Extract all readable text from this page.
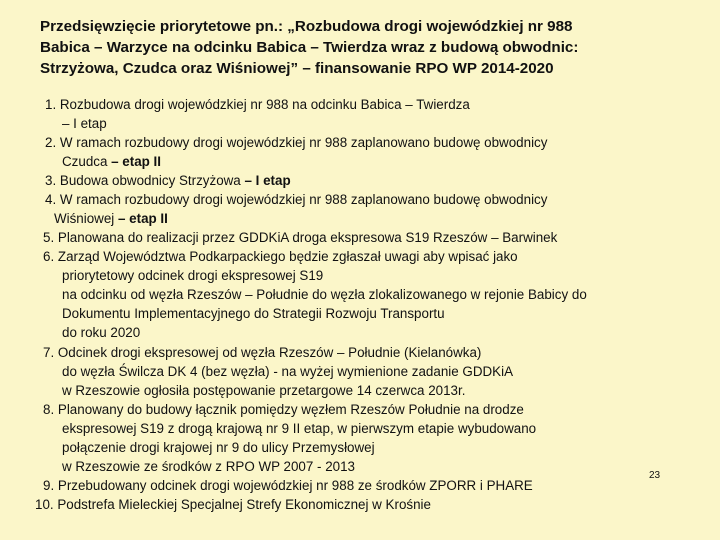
Przedsięwzięcie priorytetowe pn.: „Rozbudowa drogi wojewódzkiej nr 988
Babica – Warzyce na odcinku Babica – Twierdza wraz z budową obwodnic:
Strzyżowa, Czudca oraz Wiśniowej” – finansowanie RPO WP 2014-2020
1. Rozbudowa drogi wojewódzkiej nr 988 na odcinku Babica – Twierdza
– I etap
2. W ramach rozbudowy drogi wojewódzkiej nr 988 zaplanowano budowę obwodnicy
Czudca – etap II
3. Budowa obwodnicy Strzyżowa – I etap
4. W ramach rozbudowy drogi wojewódzkiej nr 988 zaplanowano budowę obwodnicy
Wiśniowej – etap II
5. Planowana do realizacji przez GDDKiA droga ekspresowa S19 Rzeszów – Barwinek
6. Zarząd Województwa Podkarpackiego będzie zgłaszał uwagi aby wpisać jako
priorytetowy odcinek drogi ekspresowej S19
na odcinku od węzła Rzeszów – Południe do węzła zlokalizowanego w rejonie Babicy do
Dokumentu Implementacyjnego do Strategii Rozwoju Transportu
do roku 2020
7. Odcinek drogi ekspresowej od węzła Rzeszów – Południe (Kielanówka)
do węzła Świlcza DK 4 (bez węzła) - na wyżej wymienione zadanie GDDKiA
w Rzeszowie ogłosiła postępowanie przetargowe 14 czerwca 2013r.
8. Planowany do budowy łącznik pomiędzy węzłem Rzeszów Południe na drodze
ekspresowej S19 z drogą krajową nr 9 II etap, w pierwszym etapie wybudowano
połączenie drogi krajowej nr 9 do ulicy Przemysłowej
w Rzeszowie ze środków z RPO WP 2007 - 2013
9. Przebudowany odcinek drogi wojewódzkiej nr 988 ze środków ZPORR i PHARE
10. Podstrefa Mieleckiej Specjalnej Strefy Ekonomicznej w Krośnie
23
